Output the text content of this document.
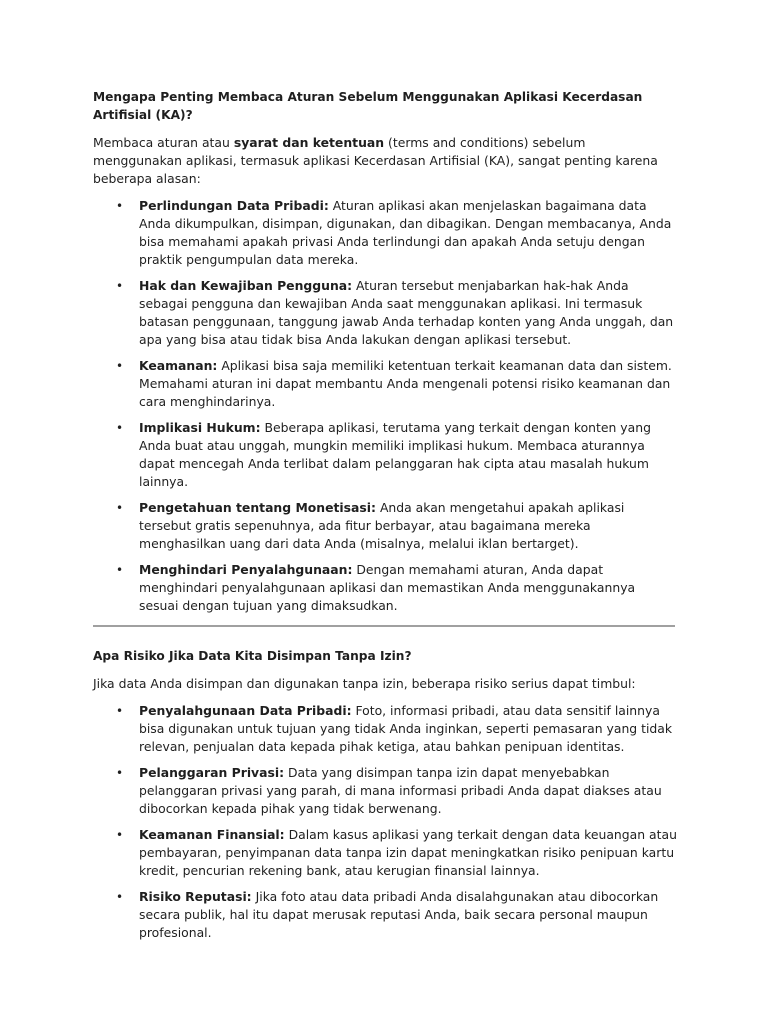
Mengapa Penting Membaca Aturan Sebelum Menggunakan Aplikasi Kecerdasan Artifisial (KA)?
Membaca aturan atau syarat dan ketentuan (terms and conditions) sebelum menggunakan aplikasi, termasuk aplikasi Kecerdasan Artifisial (KA), sangat penting karena beberapa alasan:
• Perlindungan Data Pribadi: Aturan aplikasi akan menjelaskan bagaimana data Anda dikumpulkan, disimpan, digunakan, dan dibagikan. Dengan membacanya, Anda bisa memahami apakah privasi Anda terlindungi dan apakah Anda setuju dengan praktik pengumpulan data mereka.
• Hak dan Kewajiban Pengguna: Aturan tersebut menjabarkan hak-hak Anda sebagai pengguna dan kewajiban Anda saat menggunakan aplikasi. Ini termasuk batasan penggunaan, tanggung jawab Anda terhadap konten yang Anda unggah, dan apa yang bisa atau tidak bisa Anda lakukan dengan aplikasi tersebut.
• Keamanan: Aplikasi bisa saja memiliki ketentuan terkait keamanan data dan sistem. Memahami aturan ini dapat membantu Anda mengenali potensi risiko keamanan dan cara menghindarinya.
• Implikasi Hukum: Beberapa aplikasi, terutama yang terkait dengan konten yang Anda buat atau unggah, mungkin memiliki implikasi hukum. Membaca aturannya dapat mencegah Anda terlibat dalam pelanggaran hak cipta atau masalah hukum lainnya.
• Pengetahuan tentang Monetisasi: Anda akan mengetahui apakah aplikasi tersebut gratis sepenuhnya, ada fitur berbayar, atau bagaimana mereka menghasilkan uang dari data Anda (misalnya, melalui iklan bertarget).
• Menghindari Penyalahgunaan: Dengan memahami aturan, Anda dapat menghindari penyalahgunaan aplikasi dan memastikan Anda menggunakannya sesuai dengan tujuan yang dimaksudkan.
Apa Risiko Jika Data Kita Disimpan Tanpa Izin?
Jika data Anda disimpan dan digunakan tanpa izin, beberapa risiko serius dapat timbul:
• Penyalahgunaan Data Pribadi: Foto, informasi pribadi, atau data sensitif lainnya bisa digunakan untuk tujuan yang tidak Anda inginkan, seperti pemasaran yang tidak relevan, penjualan data kepada pihak ketiga, atau bahkan penipuan identitas.
• Pelanggaran Privasi: Data yang disimpan tanpa izin dapat menyebabkan pelanggaran privasi yang parah, di mana informasi pribadi Anda dapat diakses atau dibocorkan kepada pihak yang tidak berwenang.
• Keamanan Finansial: Dalam kasus aplikasi yang terkait dengan data keuangan atau pembayaran, penyimpanan data tanpa izin dapat meningkatkan risiko penipuan kartu kredit, pencurian rekening bank, atau kerugian finansial lainnya.
• Risiko Reputasi: Jika foto atau data pribadi Anda disalahgunakan atau dibocorkan secara publik, hal itu dapat merusak reputasi Anda, baik secara personal maupun profesional.
